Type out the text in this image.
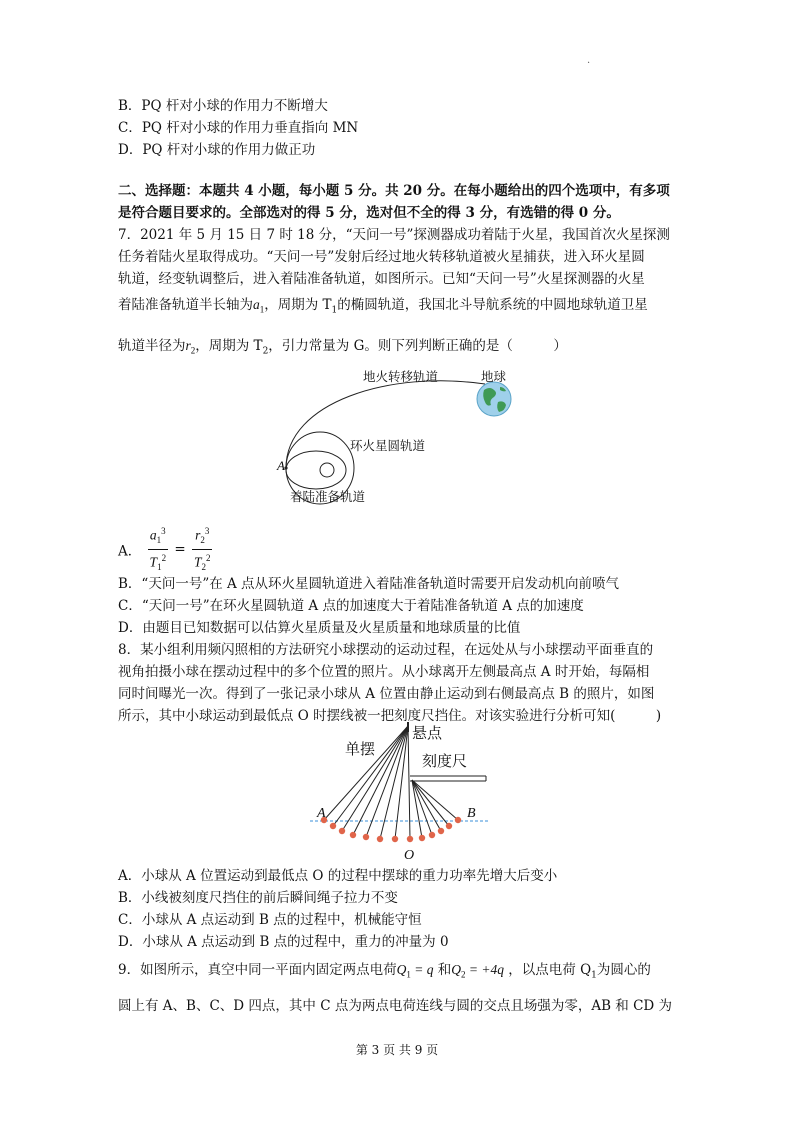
·
B．PQ 杆对小球的作用力不断增大
C．PQ 杆对小球的作用力垂直指向 MN
D．PQ 杆对小球的作用力做正功
二、选择题：本题共 4 小题，每小题 5 分。共 20 分。在每小题给出的四个选项中，有多项
是符合题目要求的。全部选对的得 5 分，选对但不全的得 3 分，有选错的得 0 分。
7．2021 年 5 月 15 日 7 时 18 分，“天问一号”探测器成功着陆于火星，我国首次火星探测
任务着陆火星取得成功。“天问一号”发射后经过地火转移轨道被火星捕获，进入环火星圆
轨道，经变轨调整后，进入着陆准备轨道，如图所示。已知“天问一号”火星探测器的火星
着陆准备轨道半长轴为$a_1$，周期为 $T_1$的椭圆轨道，我国北斗导航系统的中圆地球轨道卫星
轨道半径为$r_2$，周期为 $T_2$，引力常量为 G。则下列判断正确的是（　　　）
地火转移轨道	地球
环火星圆轨道
着陆准备轨道
A
A． $\frac{a_1^3}{T_1^2} = \frac{r_2^3}{T_2^2}$
B．“天问一号”在 A 点从环火星圆轨道进入着陆准备轨道时需要开启发动机向前喷气
C．“天问一号”在环火星圆轨道 A 点的加速度大于着陆准备轨道 A 点的加速度
D．由题目已知数据可以估算火星质量及火星质量和地球质量的比值
8．某小组利用频闪照相的方法研究小球摆动的运动过程，在远处从与小球摆动平面垂直的
视角拍摄小球在摆动过程中的多个位置的照片。从小球离开左侧最高点 A 时开始，每隔相
同时间曝光一次。得到了一张记录小球从 A 位置由静止运动到右侧最高点 B 的照片，如图
所示，其中小球运动到最低点 O 时摆线被一把刻度尺挡住。对该实验进行分析可知(　　　)
单摆
悬点
刻度尺
A	B
O
A．小球从 A 位置运动到最低点 O 的过程中摆球的重力功率先增大后变小
B．小线被刻度尺挡住的前后瞬间绳子拉力不变
C．小球从 A 点运动到 B 点的过程中，机械能守恒
D．小球从 A 点运动到 B 点的过程中，重力的冲量为 0
9．如图所示，真空中同一平面内固定两点电荷$Q_1 = q$ 和$Q_2 = +4q$ ，以点电荷 $Q_1$为圆心的
圆上有 A、B、C、D 四点，其中 C 点为两点电荷连线与圆的交点且场强为零，AB 和 CD 为
第 3 页 共 9 页
